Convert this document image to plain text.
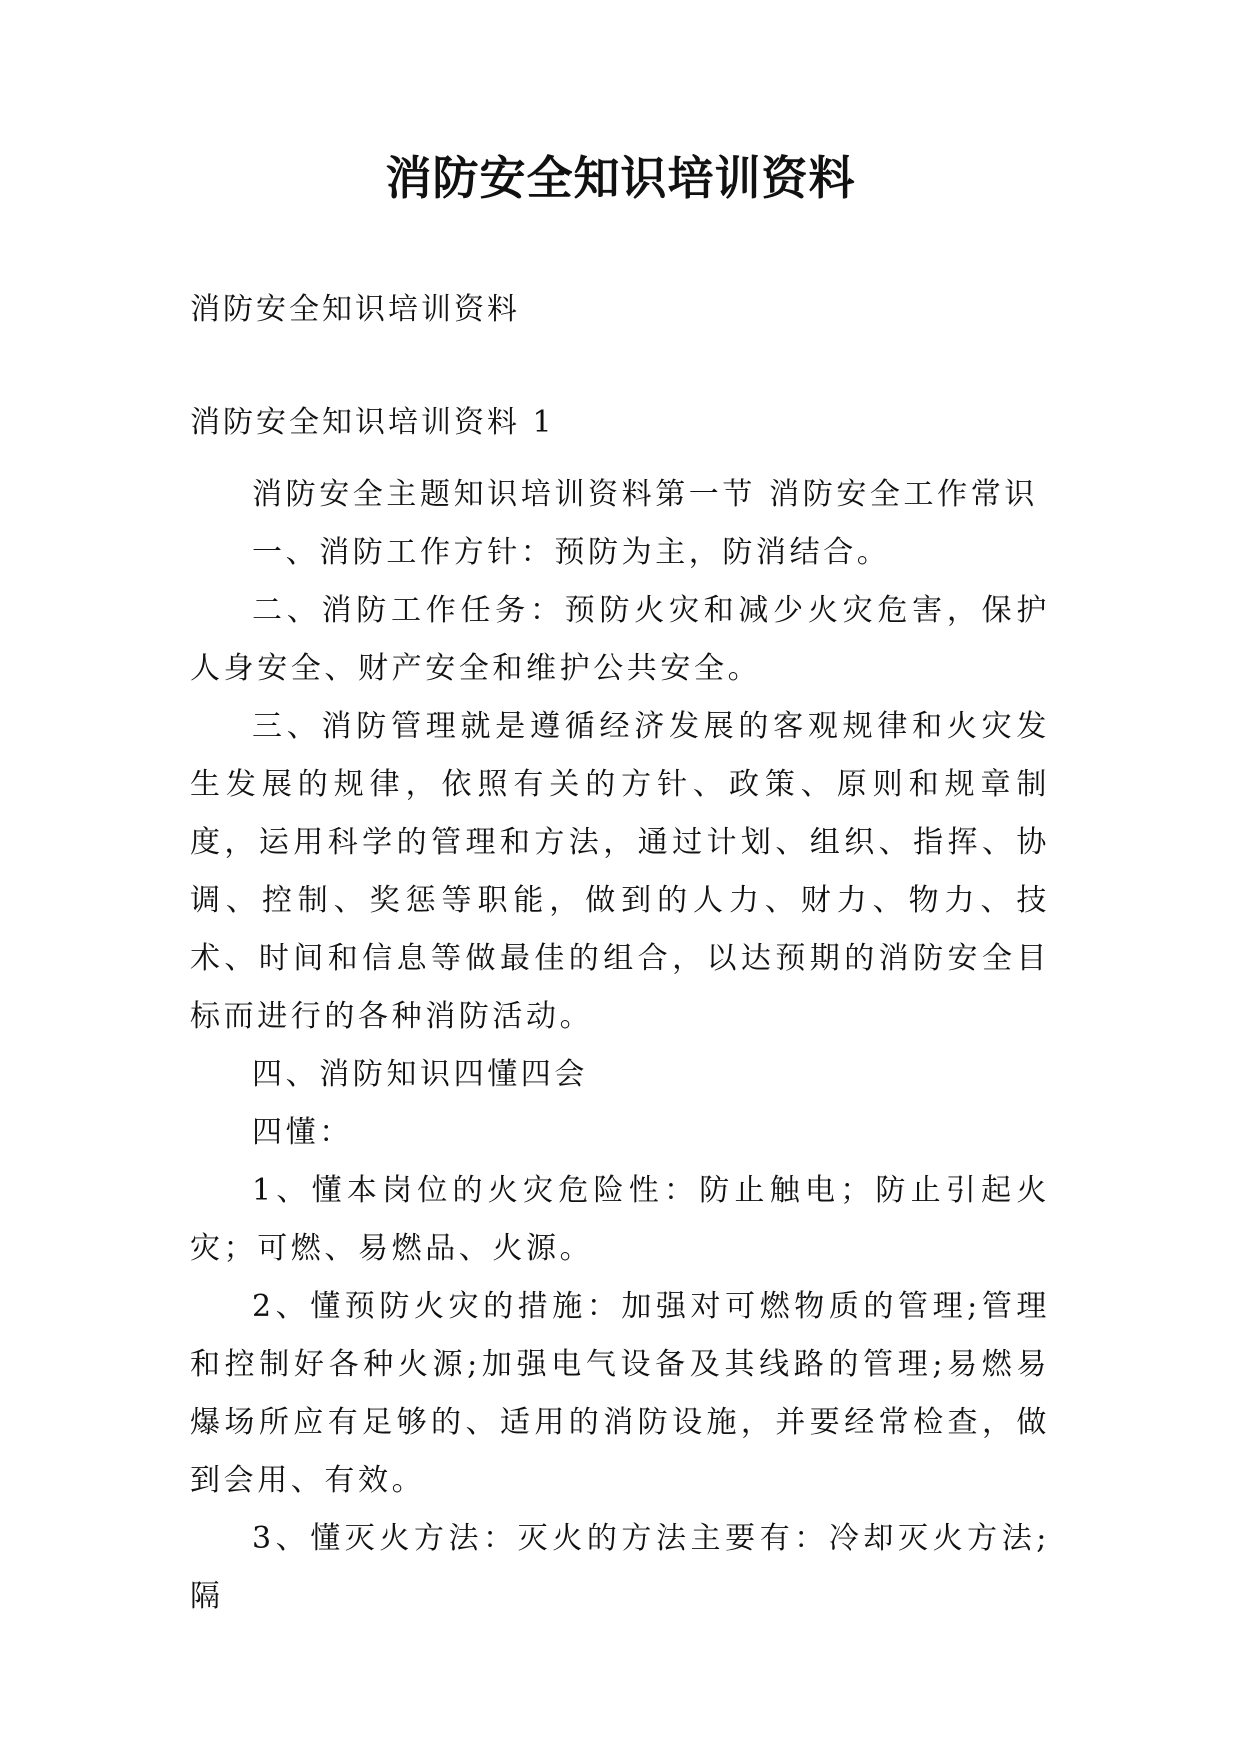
消防安全知识培训资料
消防安全知识培训资料
消防安全知识培训资料 1

消防安全主题知识培训资料第一节 消防安全工作常识

一、消防工作方针：预防为主，防消结合。

二、消防工作任务：预防火灾和减少火灾危害，保护人身安全、财产安全和维护公共安全。

三、消防管理就是遵循经济发展的客观规律和火灾发生发展的规律，依照有关的方针、政策、原则和规章制度，运用科学的管理和方法，通过计划、组织、指挥、协调、控制、奖惩等职能，做到的人力、财力、物力、技术、时间和信息等做最佳的组合，以达预期的消防安全目标而进行的各种消防活动。

四、消防知识四懂四会

四懂：

1、懂本岗位的火灾危险性：防止触电；防止引起火灾；可燃、易燃品、火源。

2、懂预防火灾的措施：加强对可燃物质的管理;管理和控制好各种火源;加强电气设备及其线路的管理;易燃易爆场所应有足够的、适用的消防设施，并要经常检查，做到会用、有效。

3、懂灭火方法：灭火的方法主要有：冷却灭火方法;隔
